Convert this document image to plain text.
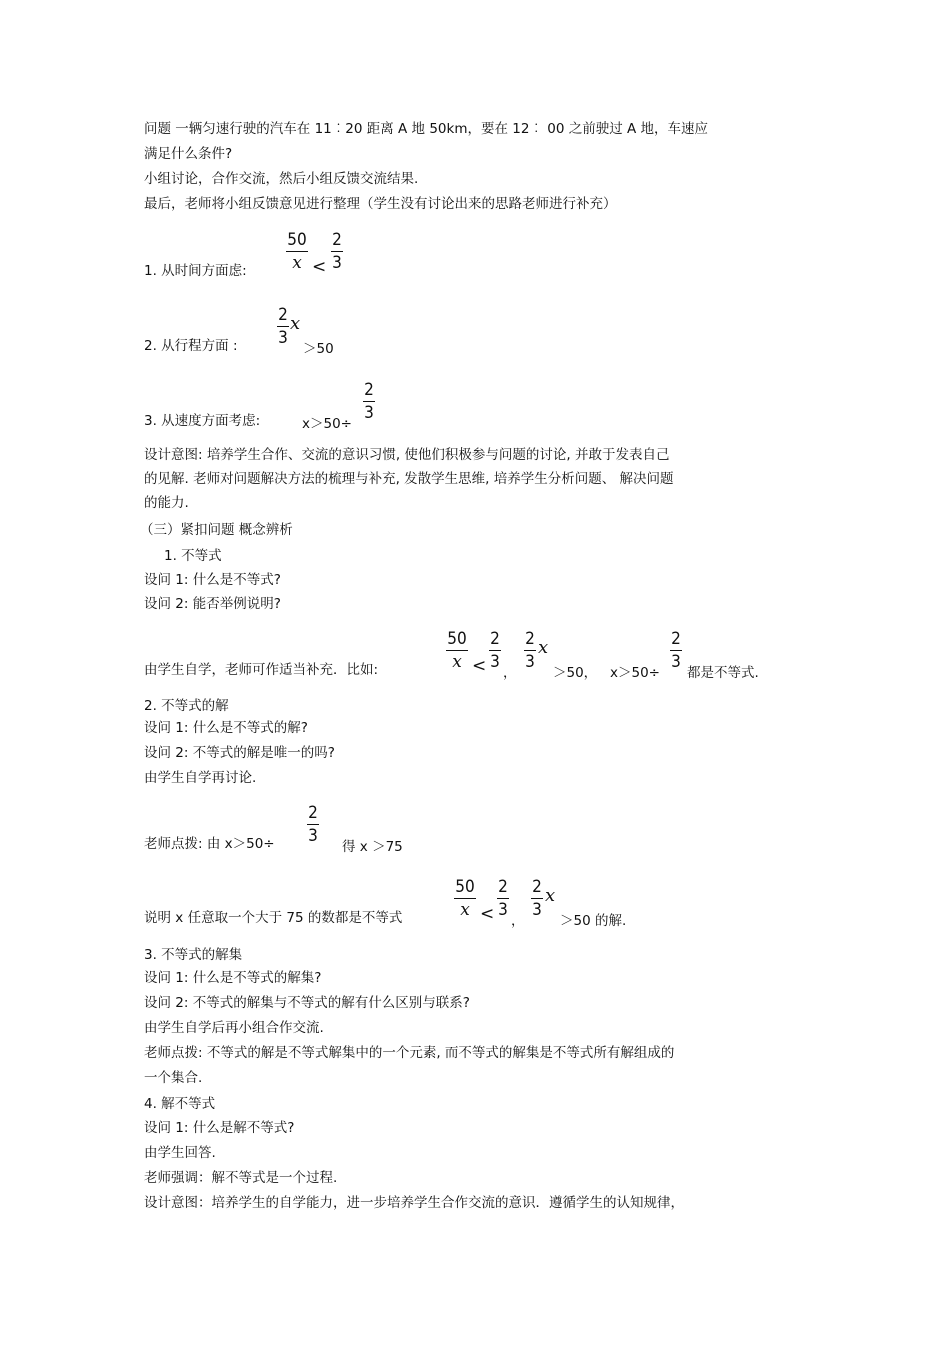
问题 一辆匀速行驶的汽车在 11︰20 距离 A 地 50km，要在 12︰ 00 之前驶过 A 地，车速应
满足什么条件?
小组讨论，合作交流，然后小组反馈交流结果.
最后，老师将小组反馈意见进行整理（学生没有讨论出来的思路老师进行补充）
1. 从时间方面虑:
50
x <
2
3
2. 从行程方面 :
2
3
x
＞50
3. 从速度方面考虑:	x＞50÷
2
3
设计意图: 培养学生合作、交流的意识习惯, 使他们积极参与问题的讨论, 并敢于发表自己
的见解. 老师对问题解决方法的梳理与补充, 发散学生思维, 培养学生分析问题、 解决问题
的能力.
（三）紧扣问题 概念辨析
1. 不等式
设问 1: 什么是不等式?
设问 2: 能否举例说明?
由学生自学，老师可作适当补充．比如:
50
x <
2
3
，
2
3
x
＞50， x＞50÷
2
3
都是不等式.
2. 不等式的解
设问 1: 什么是不等式的解?
设问 2: 不等式的解是唯一的吗?
由学生自学再讨论.
老师点拨: 由 x＞50÷
2
3
得 x ＞75
说明 x 任意取一个大于 75 的数都是不等式
50
x <
2
3
，
2
3
x
＞50 的解.
3. 不等式的解集
设问 1: 什么是不等式的解集?
设问 2: 不等式的解集与不等式的解有什么区别与联系?
由学生自学后再小组合作交流.
老师点拨: 不等式的解是不等式解集中的一个元素, 而不等式的解集是不等式所有解组成的
一个集合.
4. 解不等式
设问 1: 什么是解不等式?
由学生回答.
老师强调：解不等式是一个过程.
设计意图：培养学生的自学能力，进一步培养学生合作交流的意识．遵循学生的认知规律，
